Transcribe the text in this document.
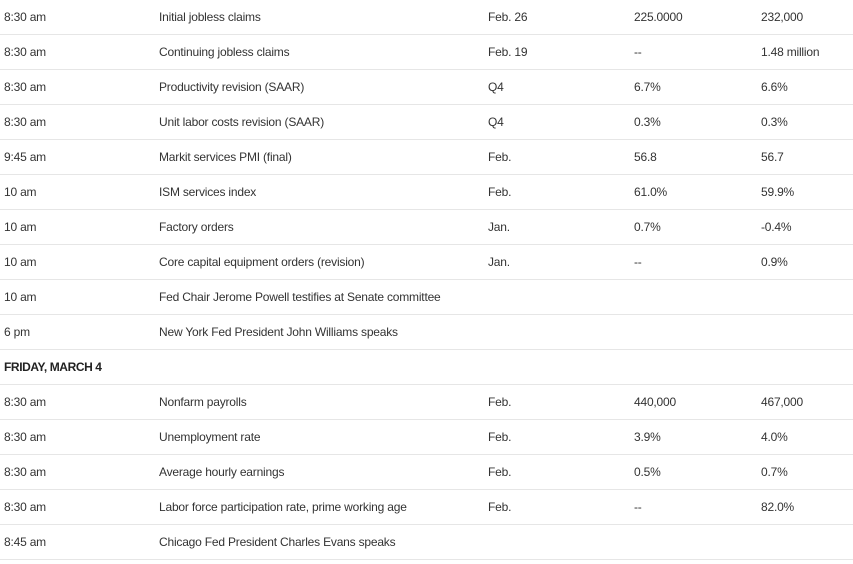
8:30 am	Initial jobless claims	Feb. 26	225.0000	232,000
8:30 am	Continuing jobless claims	Feb. 19	--	1.48 million
8:30 am	Productivity revision (SAAR)	Q4	6.7%	6.6%
8:30 am	Unit labor costs revision (SAAR)	Q4	0.3%	0.3%
9:45 am	Markit services PMI (final)	Feb.	56.8	56.7
10 am	ISM services index	Feb.	61.0%	59.9%
10 am	Factory orders	Jan.	0.7%	-0.4%
10 am	Core capital equipment orders (revision)	Jan.	--	0.9%
10 am	Fed Chair Jerome Powell testifies at Senate committee
6 pm	New York Fed President John Williams speaks
FRIDAY, MARCH 4
8:30 am	Nonfarm payrolls	Feb.	440,000	467,000
8:30 am	Unemployment rate	Feb.	3.9%	4.0%
8:30 am	Average hourly earnings	Feb.	0.5%	0.7%
8:30 am	Labor force participation rate, prime working age	Feb.	--	82.0%
8:45 am	Chicago Fed President Charles Evans speaks
